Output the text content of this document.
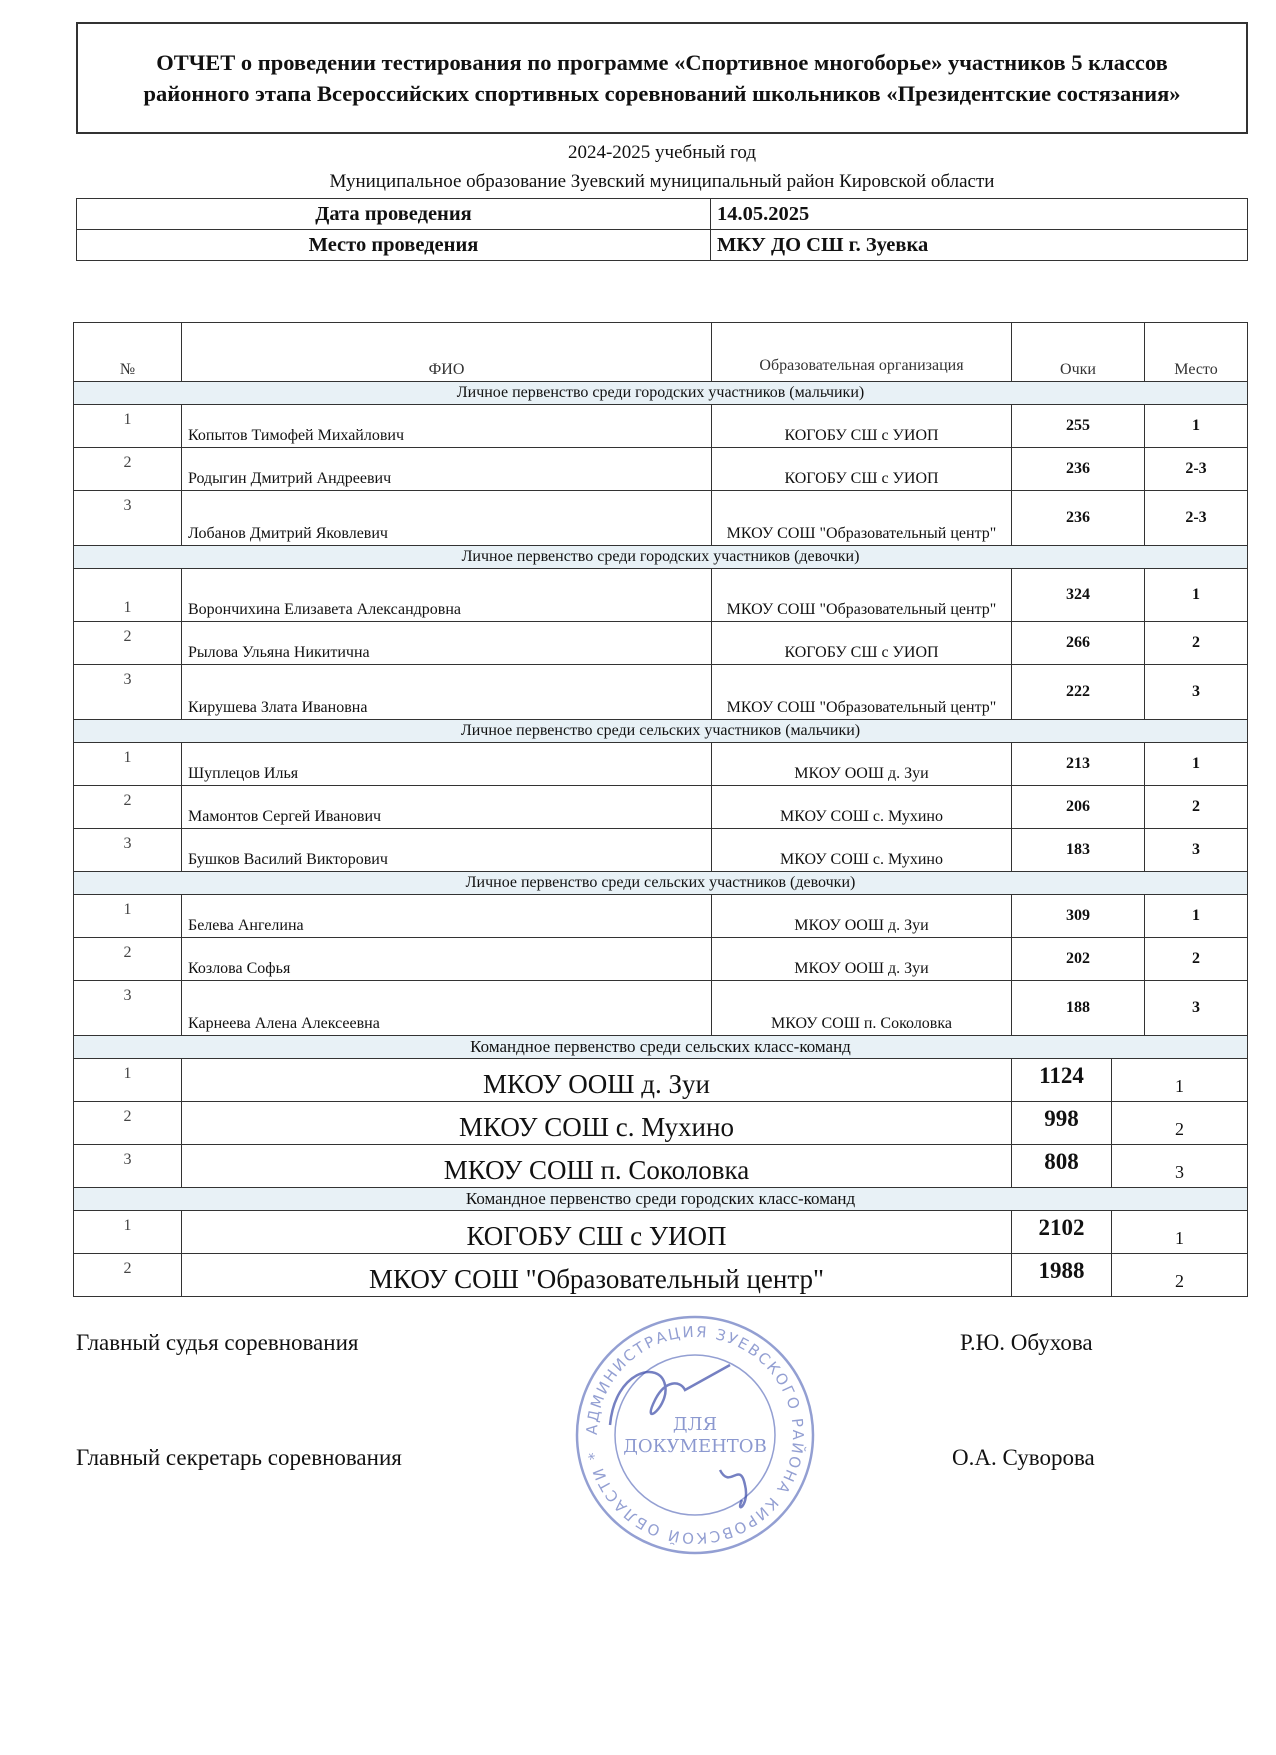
ОТЧЕТ о проведении тестирования по программе «Спортивное многоборье» участников 5 классов
районного этапа Всероссийских спортивных соревнований школьников «Президентские состязания»
2024-2025 учебный год
Муниципальное образование Зуевский муниципальный район Кировской области
Дата проведения	14.05.2025
Место проведения	МКУ ДО СШ г. Зуевка
№	ФИО	Образовательная организация	Очки	Место
Личное первенство среди городских участников (мальчики)				
1	Копытов Тимофей Михайлович	КОГОБУ СШ с УИОП	255	1
2	Родыгин Дмитрий Андреевич	КОГОБУ СШ с УИОП	236	2-3
3	Лобанов Дмитрий Яковлевич	МКОУ СОШ "Образовательный центр"	236	2-3
Личное первенство среди городских участников (девочки)				
1	Ворончихина Елизавета Александровна	МКОУ СОШ "Образовательный центр"	324	1
2	Рылова Ульяна Никитична	КОГОБУ СШ с УИОП	266	2
3	Кирушева Злата Ивановна	МКОУ СОШ "Образовательный центр"	222	3
Личное первенство среди сельских участников (мальчики)				
1	Шуплецов Илья	МКОУ ООШ д. Зуи	213	1
2	Мамонтов Сергей Иванович	МКОУ СОШ с. Мухино	206	2
3	Бушков Василий Викторович	МКОУ СОШ с. Мухино	183	3
Личное первенство среди сельских участников (девочки)				
1	Белева Ангелина	МКОУ ООШ д. Зуи	309	1
2	Козлова Софья	МКОУ ООШ д. Зуи	202	2
3	Карнеева Алена Алексеевна	МКОУ СОШ п. Соколовка	188	3
Командное первенство среди сельских класс-команд			
1	МКОУ ООШ д. Зуи	1124	1
2	МКОУ СОШ с. Мухино	998	2
3	МКОУ СОШ п. Соколовка	808	3
Командное первенство среди городских класс-команд			
1	КОГОБУ СШ с УИОП	2102	1
2	МКОУ СОШ "Образовательный центр"	1988	2
Главный судья соревнования	Р.Ю. Обухова
Главный секретарь соревнования	О.А. Суворова
АДМИНИСТРАЦИЯ ЗУЕВСКОГО РАЙОНА КИРОВСКОЙ ОБЛАСТИ *
ДЛЯ
ДОКУМЕНТОВ
